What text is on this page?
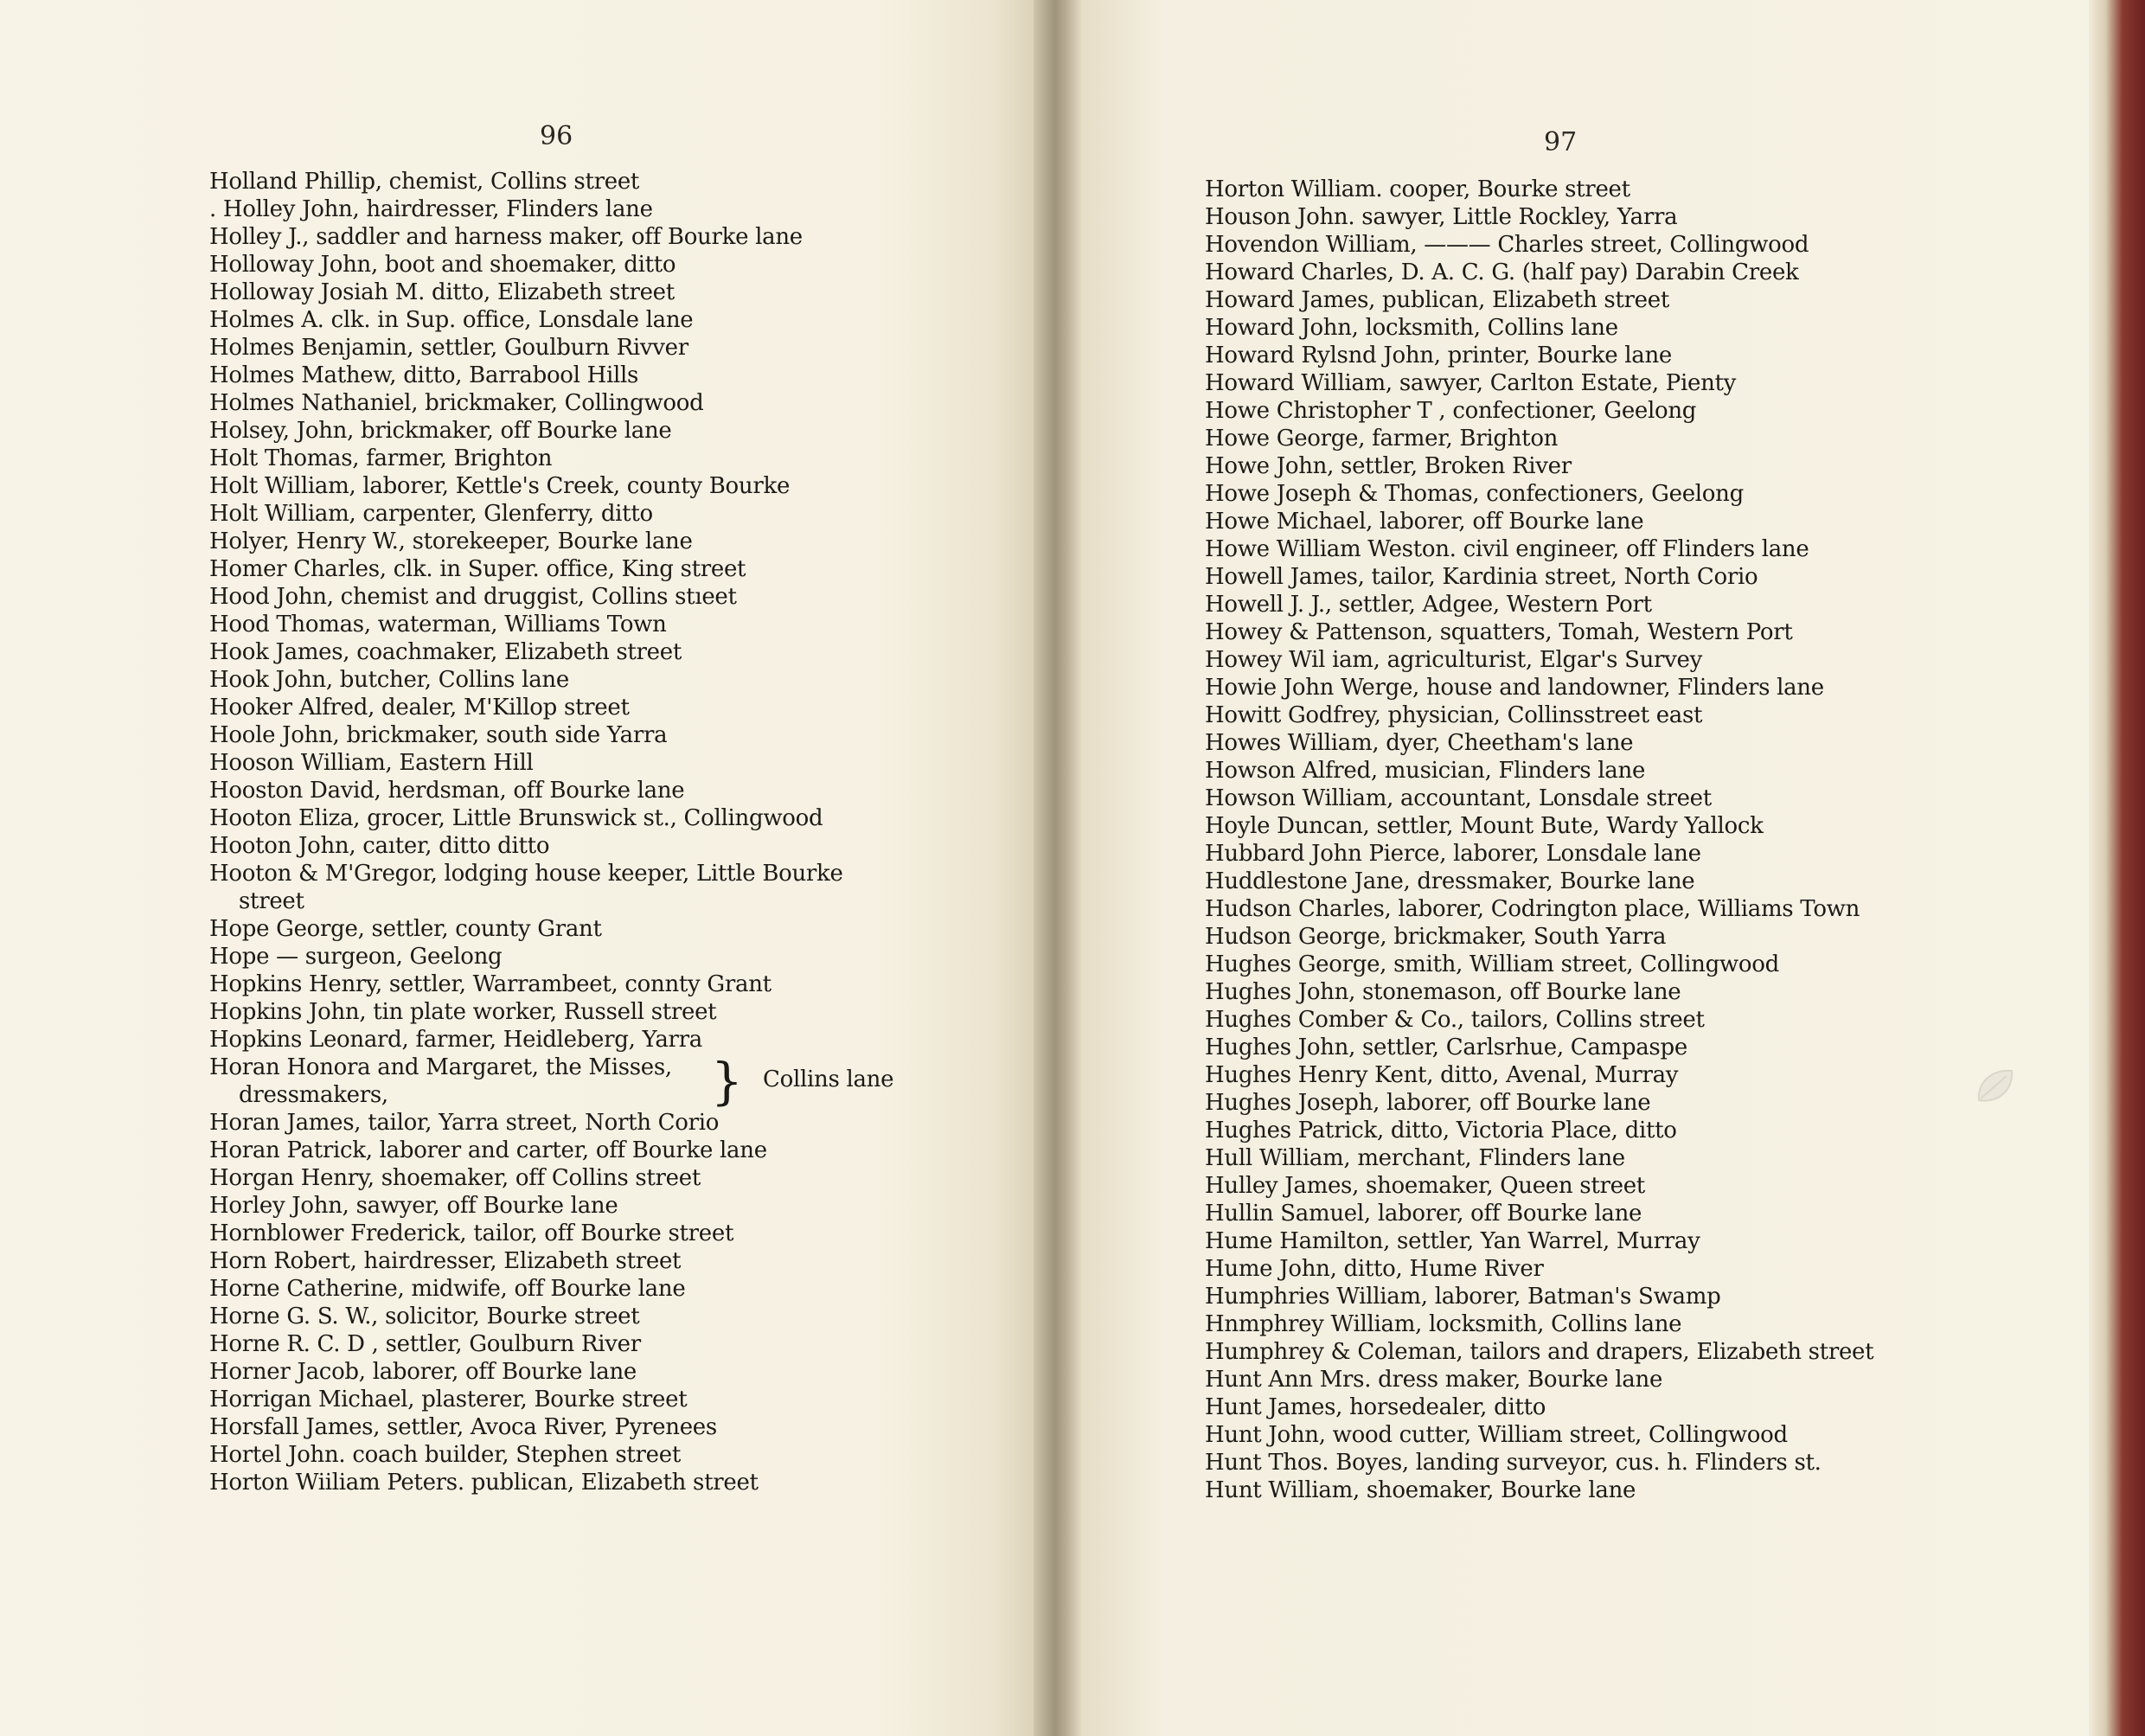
96
Holland Phillip, chemist, Collins street
. Holley John, hairdresser, Flinders lane
Holley J., saddler and harness maker, off Bourke lane
Holloway John, boot and shoemaker, ditto
Holloway Josiah M. ditto, Elizabeth street
Holmes A. clk. in Sup. office, Lonsdale lane
Holmes Benjamin, settler, Goulburn Rivver
Holmes Mathew, ditto, Barrabool Hills
Holmes Nathaniel, brickmaker, Collingwood
Holsey, John, brickmaker, off Bourke lane
Holt Thomas, farmer, Brighton
Holt William, laborer, Kettle's Creek, county Bourke
Holt William, carpenter, Glenferry, ditto
Holyer, Henry W., storekeeper, Bourke lane
Homer Charles, clk. in Super. office, King street
Hood John, chemist and druggist, Collins stıeet
Hood Thomas, waterman, Williams Town
Hook James, coachmaker, Elizabeth street
Hook John, butcher, Collins lane
Hooker Alfred, dealer, M'Killop street
Hoole John, brickmaker, south side Yarra
Hooson William, Eastern Hill
Hooston David, herdsman, off Bourke lane
Hooton Eliza, grocer, Little Brunswick st., Collingwood
Hooton John, caıter, ditto ditto
Hooton & M'Gregor, lodging house keeper, Little Bourke
street
Hope George, settler, county Grant
Hope — surgeon, Geelong
Hopkins Henry, settler, Warrambeet, connty Grant
Hopkins John, tin plate worker, Russell street
Hopkins Leonard, farmer, Heidleberg, Yarra
Horan Honora and Margaret, the Misses,
dressmakers,	} Collins lane
Horan James, tailor, Yarra street, North Corio
Horan Patrick, laborer and carter, off Bourke lane
Horgan Henry, shoemaker, off Collins street
Horley John, sawyer, off Bourke lane
Hornblower Frederick, tailor, off Bourke street
Horn Robert, hairdresser, Elizabeth street
Horne Catherine, midwife, off Bourke lane
Horne G. S. W., solicitor, Bourke street
Horne R. C. D , settler, Goulburn River
Horner Jacob, laborer, off Bourke lane
Horrigan Michael, plasterer, Bourke street
Horsfall James, settler, Avoca River, Pyrenees
Hortel John. coach builder, Stephen street
Horton Wiiliam Peters. publican, Elizabeth street
97
Horton William. cooper, Bourke street
Houson John. sawyer, Little Rockley, Yarra
Hovendon William, ——— Charles street, Collingwood
Howard Charles, D. A. C. G. (half pay) Darabin Creek
Howard James, publican, Elizabeth street
Howard John, locksmith, Collins lane
Howard Rylsnd John, printer, Bourke lane
Howard William, sawyer, Carlton Estate, Pienty
Howe Christopher T , confectioner, Geelong
Howe George, farmer, Brighton
Howe John, settler, Broken River
Howe Joseph & Thomas, confectioners, Geelong
Howe Michael, laborer, off Bourke lane
Howe William Weston. civil engineer, off Flinders lane
Howell James, tailor, Kardinia street, North Corio
Howell J. J., settler, Adgee, Western Port
Howey & Pattenson, squatters, Tomah, Western Port
Howey Wil iam, agriculturist, Elgar's Survey
Howie John Werge, house and landowner, Flinders lane
Howitt Godfrey, physician, Collinsstreet east
Howes William, dyer, Cheetham's lane
Howson Alfred, musician, Flinders lane
Howson William, accountant, Lonsdale street
Hoyle Duncan, settler, Mount Bute, Wardy Yallock
Hubbard John Pierce, laborer, Lonsdale lane
Huddlestone Jane, dressmaker, Bourke lane
Hudson Charles, laborer, Codrington place, Williams Town
Hudson George, brickmaker, South Yarra
Hughes George, smith, William street, Collingwood
Hughes John, stonemason, off Bourke lane
Hughes Comber & Co., tailors, Collins street
Hughes John, settler, Carlsrhue, Campaspe
Hughes Henry Kent, ditto, Avenal, Murray
Hughes Joseph, laborer, off Bourke lane
Hughes Patrick, ditto, Victoria Place, ditto
Hull William, merchant, Flinders lane
Hulley James, shoemaker, Queen street
Hullin Samuel, laborer, off Bourke lane
Hume Hamilton, settler, Yan Warrel, Murray
Hume John, ditto, Hume River
Humphries William, laborer, Batman's Swamp
Hnmphrey William, locksmith, Collins lane
Humphrey & Coleman, tailors and drapers, Elizabeth street
Hunt Ann Mrs. dress maker, Bourke lane
Hunt James, horsedealer, ditto
Hunt John, wood cutter, William street, Collingwood
Hunt Thos. Boyes, landing surveyor, cus. h. Flinders st.
Hunt William, shoemaker, Bourke lane
